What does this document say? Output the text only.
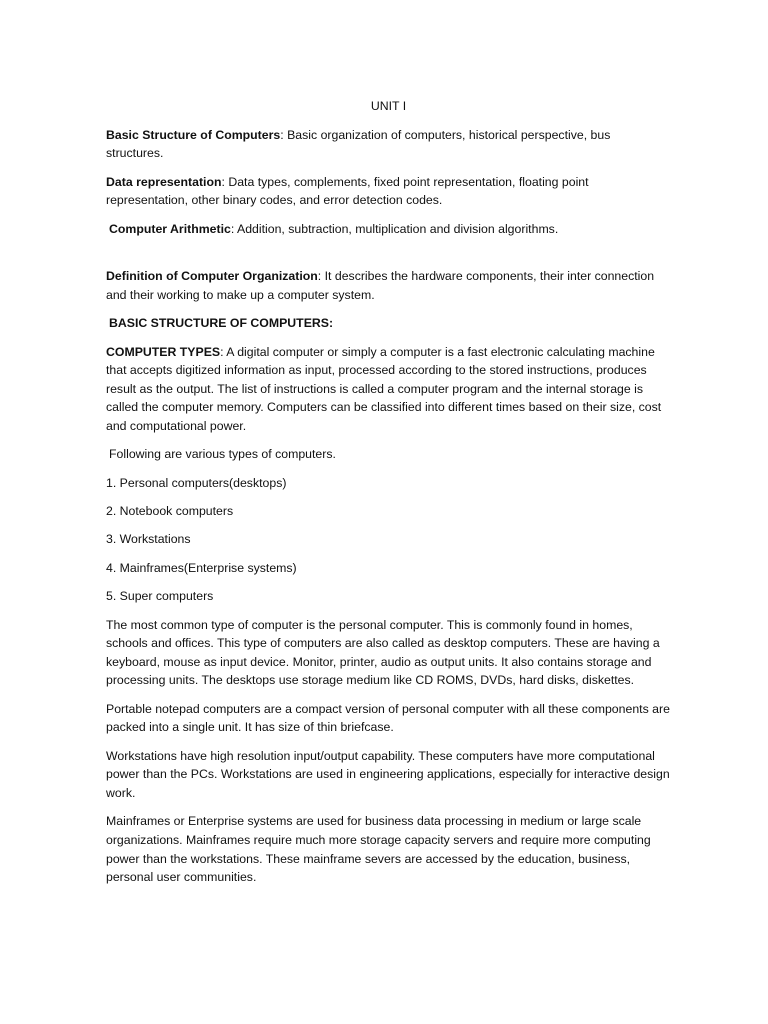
UNIT I

Basic Structure of Computers: Basic organization of computers, historical perspective, bus structures.

Data representation: Data types, complements, fixed point representation, floating point representation, other binary codes, and error detection codes.

Computer Arithmetic: Addition, subtraction, multiplication and division algorithms.

Definition of Computer Organization: It describes the hardware components, their inter connection and their working to make up a computer system.

BASIC STRUCTURE OF COMPUTERS:

COMPUTER TYPES: A digital computer or simply a computer is a fast electronic calculating machine that accepts digitized information as input, processed according to the stored instructions, produces result as the output. The list of instructions is called a computer program and the internal storage is called the computer memory. Computers can be classified into different times based on their size, cost and computational power.

Following are various types of computers.

1. Personal computers(desktops)

2. Notebook computers

3. Workstations

4. Mainframes(Enterprise systems)

5. Super computers

The most common type of computer is the personal computer. This is commonly found in homes, schools and offices. This type of computers are also called as desktop computers. These are having a keyboard, mouse as input device. Monitor, printer, audio as output units. It also contains storage and processing units. The desktops use storage medium like CD ROMS, DVDs, hard disks, diskettes.

Portable notepad computers are a compact version of personal computer with all these components are packed into a single unit. It has size of thin briefcase.

Workstations have high resolution input/output capability. These computers have more computational power than the PCs. Workstations are used in engineering applications, especially for interactive design work.

Mainframes or Enterprise systems are used for business data processing in medium or large scale organizations. Mainframes require much more storage capacity servers and require more computing power than the workstations. These mainframe severs are accessed by the education, business, personal user communities.
